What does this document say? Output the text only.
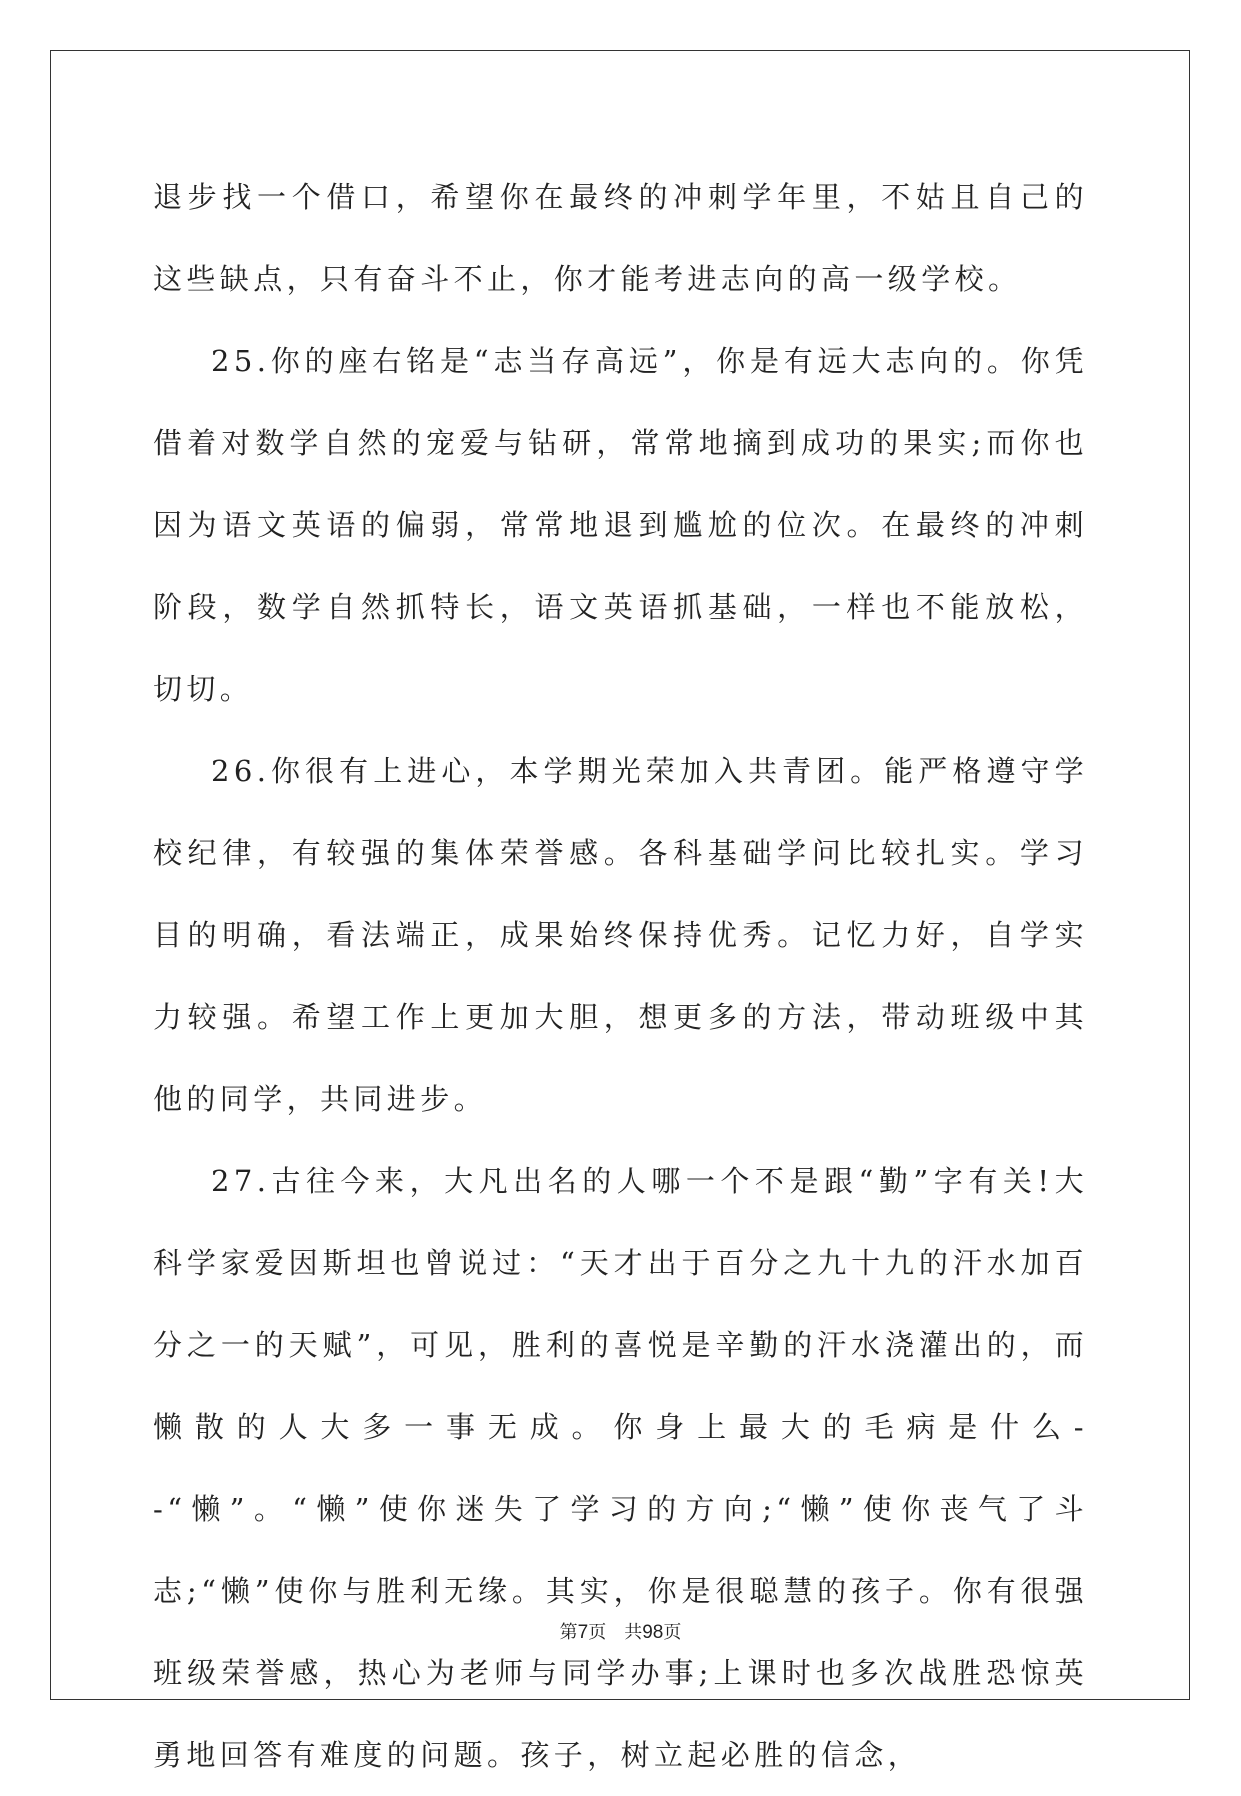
退步找一个借口，希望你在最终的冲刺学年里，不姑且自己的这些缺点，只有奋斗不止，你才能考进志向的高一级学校。

25.你的座右铭是“志当存高远”，你是有远大志向的。你凭借着对数学自然的宠爱与钻研，常常地摘到成功的果实;而你也因为语文英语的偏弱，常常地退到尴尬的位次。在最终的冲刺阶段，数学自然抓特长，语文英语抓基础，一样也不能放松，切切。

26.你很有上进心，本学期光荣加入共青团。能严格遵守学校纪律，有较强的集体荣誉感。各科基础学问比较扎实。学习目的明确，看法端正，成果始终保持优秀。记忆力好，自学实力较强。希望工作上更加大胆，想更多的方法，带动班级中其他的同学，共同进步。

27.古往今来，大凡出名的人哪一个不是跟“勤”字有关!大科学家爱因斯坦也曾说过：“天才出于百分之九十九的汗水加百分之一的天赋”，可见，胜利的喜悦是辛勤的汗水浇灌出的，而懒散的人大多一事无成。你身上最大的毛病是什么--“懒”。“懒”使你迷失了学习的方向;“懒”使你丧气了斗志;“懒”使你与胜利无缘。其实，你是很聪慧的孩子。你有很强班级荣誉感，热心为老师与同学办事;上课时也多次战胜恐惊英勇地回答有难度的问题。孩子，树立起必胜的信念，

第7页 共98页
